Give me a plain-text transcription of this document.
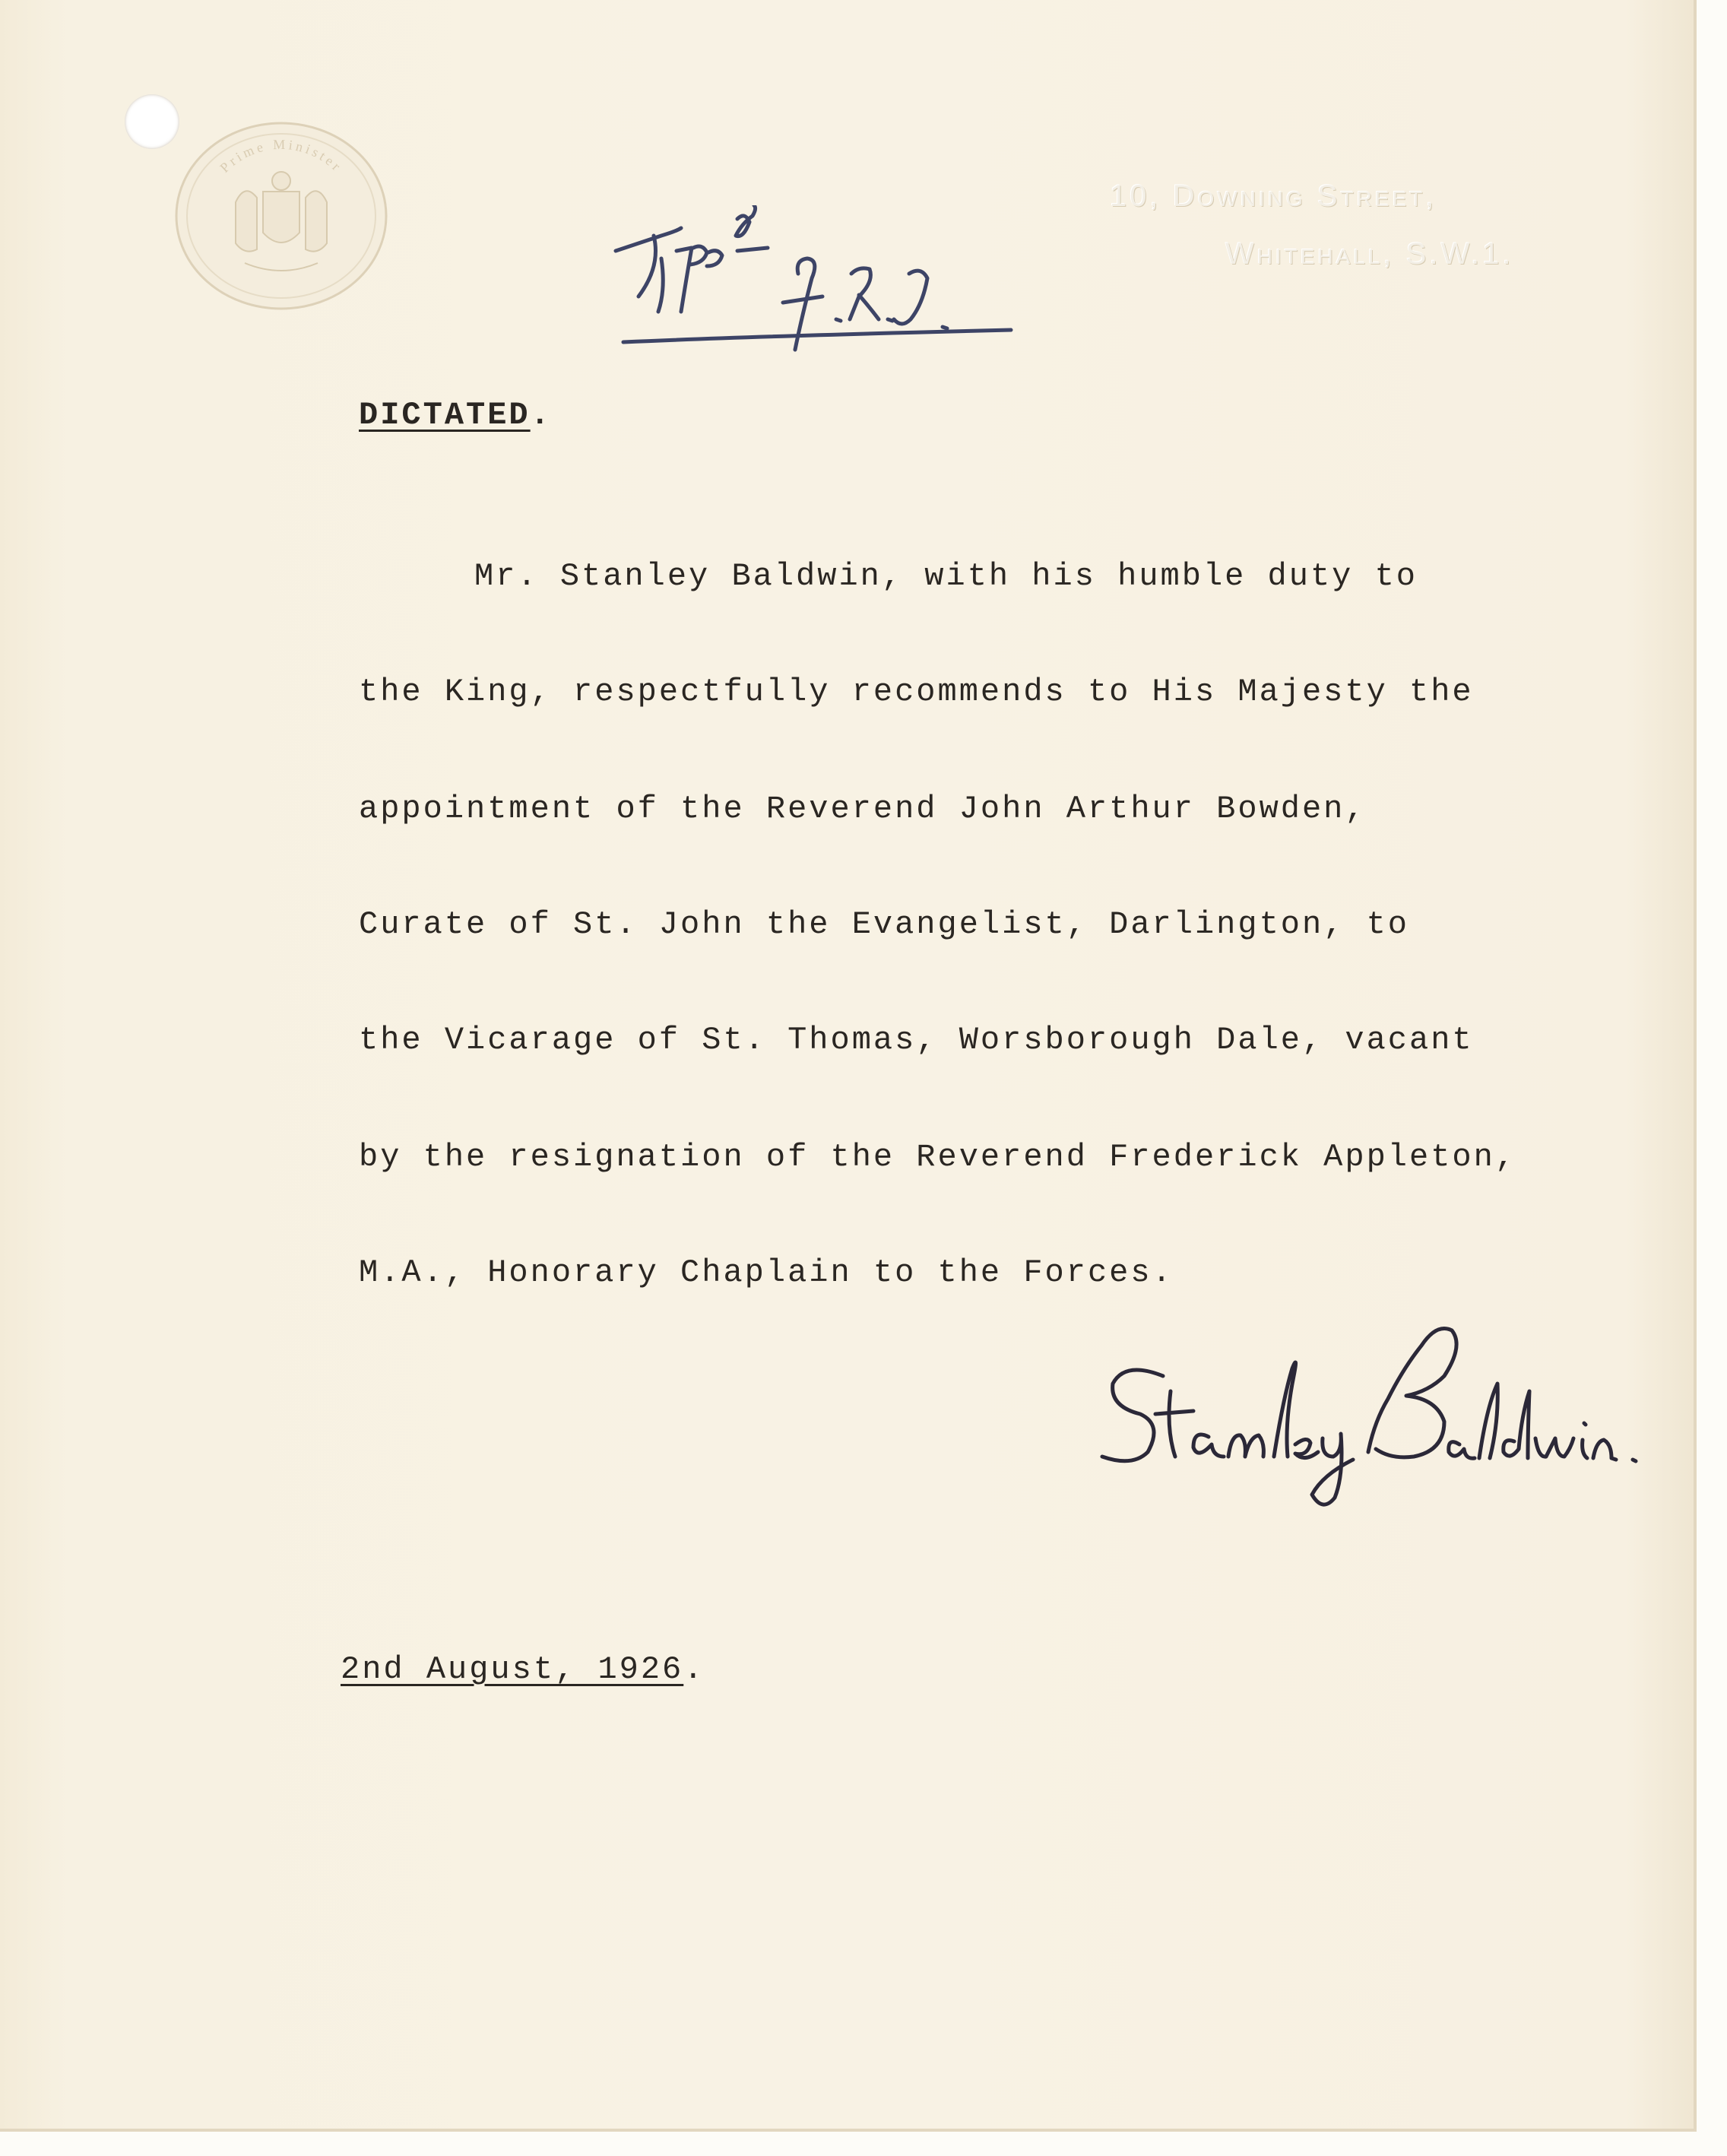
Prime Minister
10, Downing Street,
Whitehall, S.W.1.
DICTATED.
Mr. Stanley Baldwin, with his humble duty to
the King, respectfully recommends to His Majesty the
appointment of the Reverend John Arthur Bowden,
Curate of St. John the Evangelist, Darlington, to
the Vicarage of St. Thomas, Worsborough Dale, vacant
by the resignation of the Reverend Frederick Appleton,
M.A., Honorary Chaplain to the Forces.
2nd August, 1926.
